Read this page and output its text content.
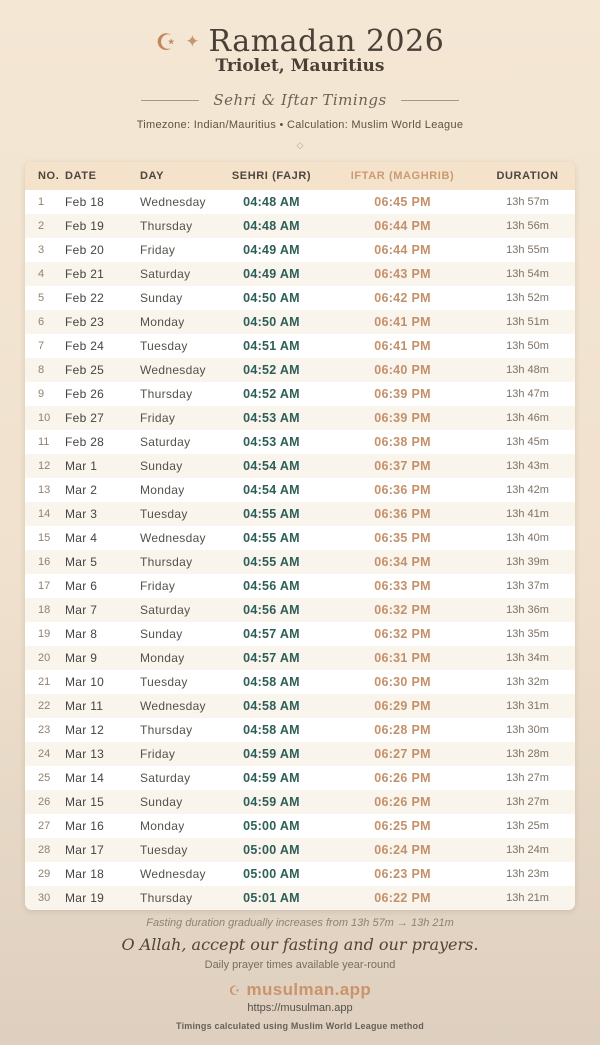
☪ ✦ Ramadan 2026
Triolet, Mauritius
Sehri & Iftar Timings
Timezone: Indian/Mauritius • Calculation: Muslim World League
◇
NO. DATE	DAY	SEHRI (FAJR)	IFTAR (MAGHRIB)	DURATION
1	Feb 18	Wednesday	04:48 AM	06:45 PM	13h 57m
2	Feb 19	Thursday	04:48 AM	06:44 PM	13h 56m
3	Feb 20	Friday	04:49 AM	06:44 PM	13h 55m
4	Feb 21	Saturday	04:49 AM	06:43 PM	13h 54m
5	Feb 22	Sunday	04:50 AM	06:42 PM	13h 52m
6	Feb 23	Monday	04:50 AM	06:41 PM	13h 51m
7	Feb 24	Tuesday	04:51 AM	06:41 PM	13h 50m
8	Feb 25	Wednesday	04:52 AM	06:40 PM	13h 48m
9	Feb 26	Thursday	04:52 AM	06:39 PM	13h 47m
10	Feb 27	Friday	04:53 AM	06:39 PM	13h 46m
11	Feb 28	Saturday	04:53 AM	06:38 PM	13h 45m
12	Mar 1	Sunday	04:54 AM	06:37 PM	13h 43m
13	Mar 2	Monday	04:54 AM	06:36 PM	13h 42m
14	Mar 3	Tuesday	04:55 AM	06:36 PM	13h 41m
15	Mar 4	Wednesday	04:55 AM	06:35 PM	13h 40m
16	Mar 5	Thursday	04:55 AM	06:34 PM	13h 39m
17	Mar 6	Friday	04:56 AM	06:33 PM	13h 37m
18	Mar 7	Saturday	04:56 AM	06:32 PM	13h 36m
19	Mar 8	Sunday	04:57 AM	06:32 PM	13h 35m
20	Mar 9	Monday	04:57 AM	06:31 PM	13h 34m
21	Mar 10	Tuesday	04:58 AM	06:30 PM	13h 32m
22	Mar 11	Wednesday	04:58 AM	06:29 PM	13h 31m
23	Mar 12	Thursday	04:58 AM	06:28 PM	13h 30m
24	Mar 13	Friday	04:59 AM	06:27 PM	13h 28m
25	Mar 14	Saturday	04:59 AM	06:26 PM	13h 27m
26	Mar 15	Sunday	04:59 AM	06:26 PM	13h 27m
27	Mar 16	Monday	05:00 AM	06:25 PM	13h 25m
28	Mar 17	Tuesday	05:00 AM	06:24 PM	13h 24m
29	Mar 18	Wednesday	05:00 AM	06:23 PM	13h 23m
30	Mar 19	Thursday	05:01 AM	06:22 PM	13h 21m
Fasting duration gradually increases from 13h 57m → 13h 21m
O Allah, accept our fasting and our prayers.
Daily prayer times available year-round
☪ musulman.app
https://musulman.app
Timings calculated using Muslim World League method
